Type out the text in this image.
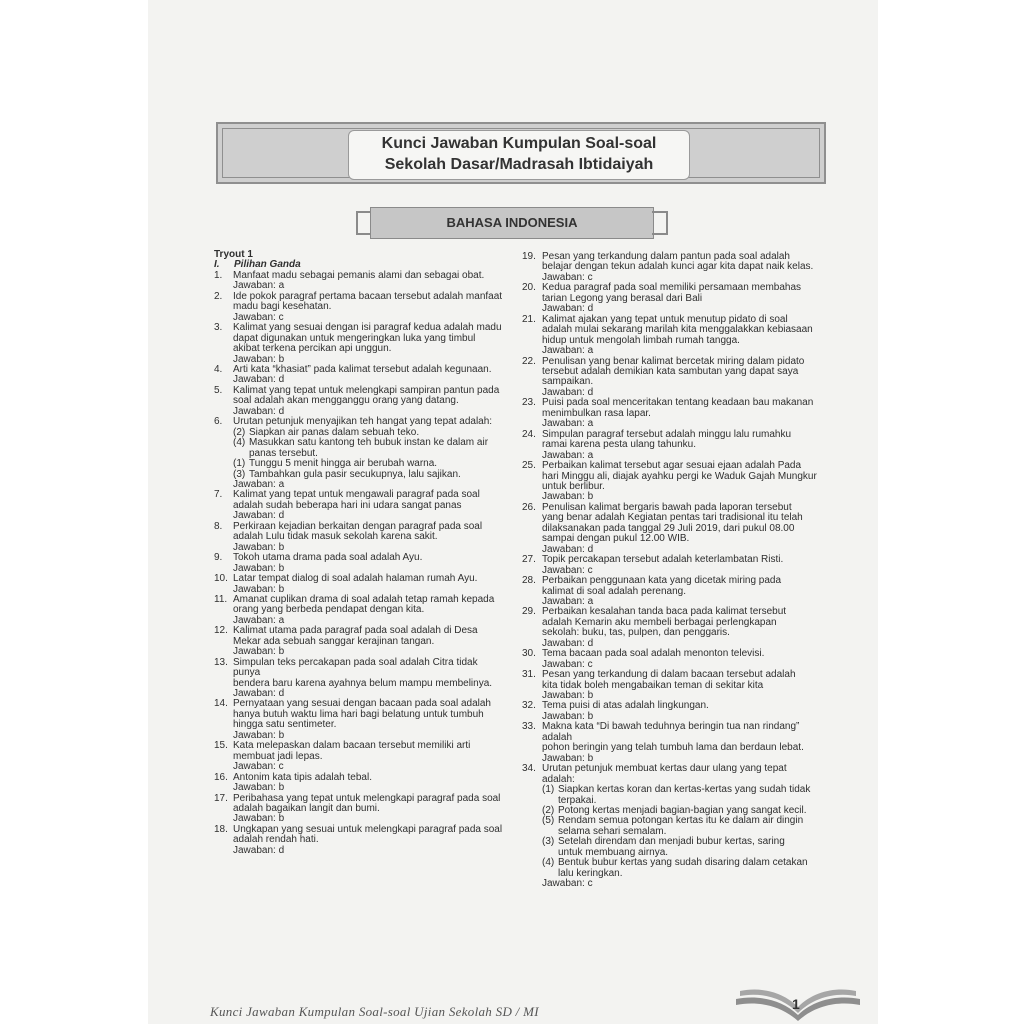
Kunci Jawaban Kumpulan Soal-soal
Sekolah Dasar/Madrasah Ibtidaiyah
BAHASA INDONESIA
Tryout 1
I. Pilihan Ganda
1. Manfaat madu sebagai pemanis alami dan sebagai obat.
Jawaban: a
2. Ide pokok paragraf pertama bacaan tersebut adalah manfaat
madu bagi kesehatan.
Jawaban: c
3. Kalimat yang sesuai dengan isi paragraf kedua adalah madu
dapat digunakan untuk mengeringkan luka yang timbul
akibat terkena percikan api unggun.
Jawaban: b
4. Arti kata “khasiat” pada kalimat tersebut adalah kegunaan.
Jawaban: d
5. Kalimat yang tepat untuk melengkapi sampiran pantun pada
soal adalah akan mengganggu orang yang datang.
Jawaban: d
6. Urutan petunjuk menyajikan teh hangat yang tepat adalah:
(2) Siapkan air panas dalam sebuah teko.
(4) Masukkan satu kantong teh bubuk instan ke dalam air
panas tersebut.
(1) Tunggu 5 menit hingga air berubah warna.
(3) Tambahkan gula pasir secukupnya, lalu sajikan.
Jawaban: a
7. Kalimat yang tepat untuk mengawali paragraf pada soal
adalah sudah beberapa hari ini udara sangat panas
Jawaban: d
8. Perkiraan kejadian berkaitan dengan paragraf pada soal
adalah Lulu tidak masuk sekolah karena sakit.
Jawaban: b
9. Tokoh utama drama pada soal adalah Ayu.
Jawaban: b
10. Latar tempat dialog di soal adalah halaman rumah Ayu.
Jawaban: b
11. Amanat cuplikan drama di soal adalah tetap ramah kepada
orang yang berbeda pendapat dengan kita.
Jawaban: a
12. Kalimat utama pada paragraf pada soal adalah di Desa
Mekar ada sebuah sanggar kerajinan tangan.
Jawaban: b
13. Simpulan teks percakapan pada soal adalah Citra tidak punya
bendera baru karena ayahnya belum mampu membelinya.
Jawaban: d
14. Pernyataan yang sesuai dengan bacaan pada soal adalah
hanya butuh waktu lima hari bagi belatung untuk tumbuh
hingga satu sentimeter.
Jawaban: b
15. Kata melepaskan dalam bacaan tersebut memiliki arti
membuat jadi lepas.
Jawaban: c
16. Antonim kata tipis adalah tebal.
Jawaban: b
17. Peribahasa yang tepat untuk melengkapi paragraf pada soal
adalah bagaikan langit dan bumi.
Jawaban: b
18. Ungkapan yang sesuai untuk melengkapi paragraf pada soal
adalah rendah hati.
Jawaban: d
19. Pesan yang terkandung dalam pantun pada soal adalah
belajar dengan tekun adalah kunci agar kita dapat naik kelas.
Jawaban: c
20. Kedua paragraf pada soal memiliki persamaan membahas
tarian Legong yang berasal dari Bali
Jawaban: d
21. Kalimat ajakan yang tepat untuk menutup pidato di soal
adalah mulai sekarang marilah kita menggalakkan kebiasaan
hidup untuk mengolah limbah rumah tangga.
Jawaban: a
22. Penulisan yang benar kalimat bercetak miring dalam pidato
tersebut adalah demikian kata sambutan yang dapat saya
sampaikan.
Jawaban: d
23. Puisi pada soal menceritakan tentang keadaan bau makanan
menimbulkan rasa lapar.
Jawaban: a
24. Simpulan paragraf tersebut adalah minggu lalu rumahku
ramai karena pesta ulang tahunku.
Jawaban: a
25. Perbaikan kalimat tersebut agar sesuai ejaan adalah Pada
hari Minggu ali, diajak ayahku pergi ke Waduk Gajah Mungkur
untuk berlibur.
Jawaban: b
26. Penulisan kalimat bergaris bawah pada laporan tersebut
yang benar adalah Kegiatan pentas tari tradisional itu telah
dilaksanakan pada tanggal 29 Juli 2019, dari pukul 08.00
sampai dengan pukul 12.00 WIB.
Jawaban: d
27. Topik percakapan tersebut adalah keterlambatan Risti.
Jawaban: c
28. Perbaikan penggunaan kata yang dicetak miring pada
kalimat di soal adalah perenang.
Jawaban: a
29. Perbaikan kesalahan tanda baca pada kalimat tersebut
adalah Kemarin aku membeli berbagai perlengkapan
sekolah: buku, tas, pulpen, dan penggaris.
Jawaban: d
30. Tema bacaan pada soal adalah menonton televisi.
Jawaban: c
31. Pesan yang terkandung di dalam bacaan tersebut adalah
kita tidak boleh mengabaikan teman di sekitar kita
Jawaban: b
32. Tema puisi di atas adalah lingkungan.
Jawaban: b
33. Makna kata “Di bawah teduhnya beringin tua nan rindang” adalah
pohon beringin yang telah tumbuh lama dan berdaun lebat.
Jawaban: b
34. Urutan petunjuk membuat kertas daur ulang yang tepat adalah:
(1) Siapkan kertas koran dan kertas-kertas yang sudah tidak
terpakai.
(2) Potong kertas menjadi bagian-bagian yang sangat kecil.
(5) Rendam semua potongan kertas itu ke dalam air dingin
selama sehari semalam.
(3) Setelah direndam dan menjadi bubur kertas, saring
untuk membuang airnya.
(4) Bentuk bubur kertas yang sudah disaring dalam cetakan
lalu keringkan.
Jawaban: c
Kunci Jawaban Kumpulan Soal-soal Ujian Sekolah SD / MI	1
